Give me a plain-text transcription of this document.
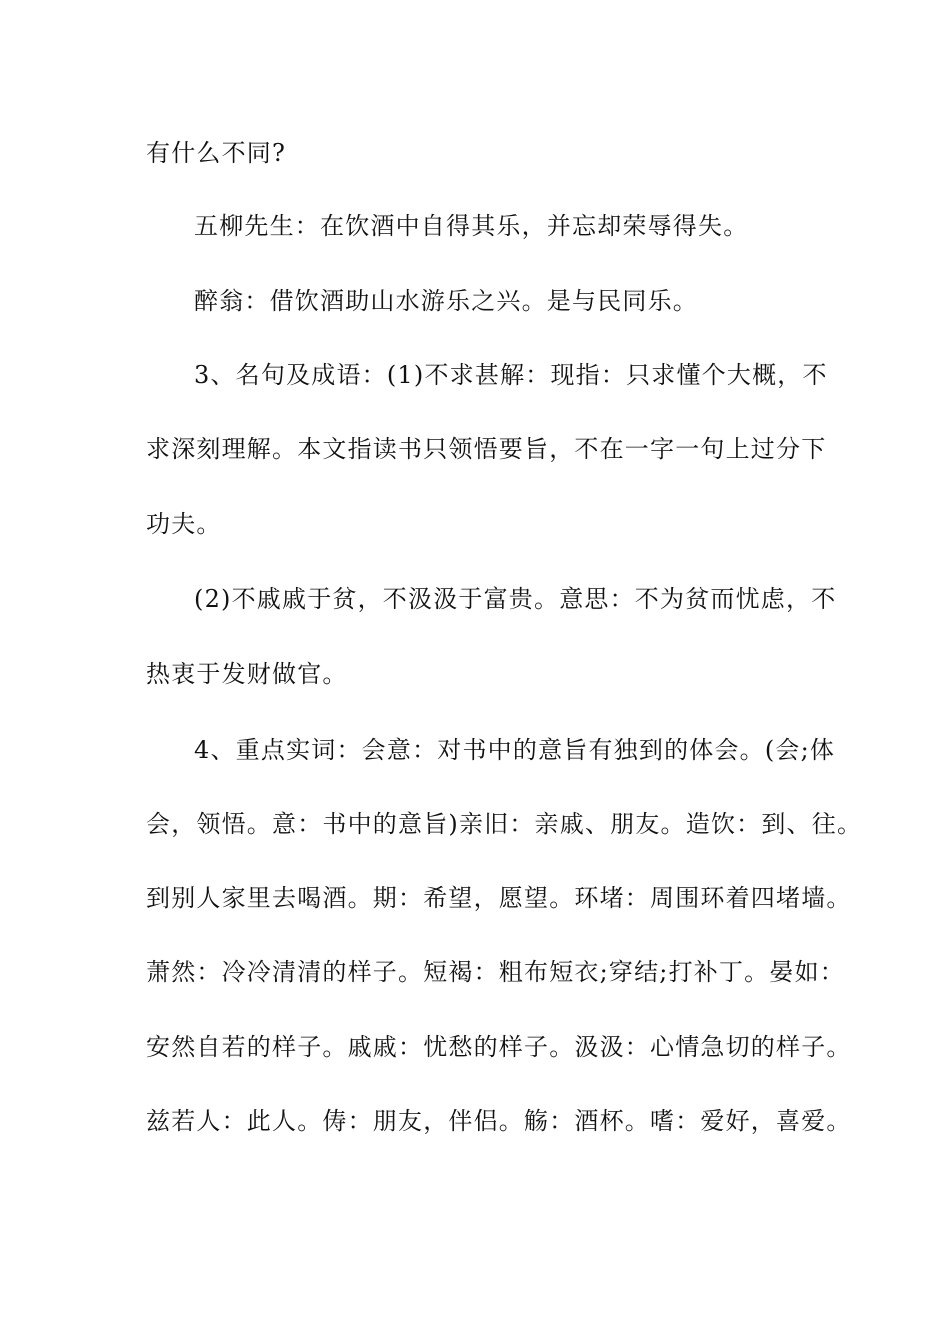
有什么不同?
五柳先生：在饮酒中自得其乐，并忘却荣辱得失。
醉翁：借饮酒助山水游乐之兴。是与民同乐。
3、名句及成语：(1)不求甚解：现指：只求懂个大概，不
求深刻理解。本文指读书只领悟要旨，不在一字一句上过分下
功夫。
(2)不戚戚于贫，不汲汲于富贵。意思：不为贫而忧虑，不
热衷于发财做官。
4、重点实词：会意：对书中的意旨有独到的体会。(会;体
会，领悟。意：书中的意旨)亲旧：亲戚、朋友。造饮：到、往。
到别人家里去喝酒。期：希望，愿望。环堵：周围环着四堵墙。
萧然：冷冷清清的样子。短褐：粗布短衣;穿结;打补丁。晏如：
安然自若的样子。戚戚：忧愁的样子。汲汲：心情急切的样子。
兹若人：此人。俦：朋友，伴侣。觞：酒杯。嗜：爱好，喜爱。
